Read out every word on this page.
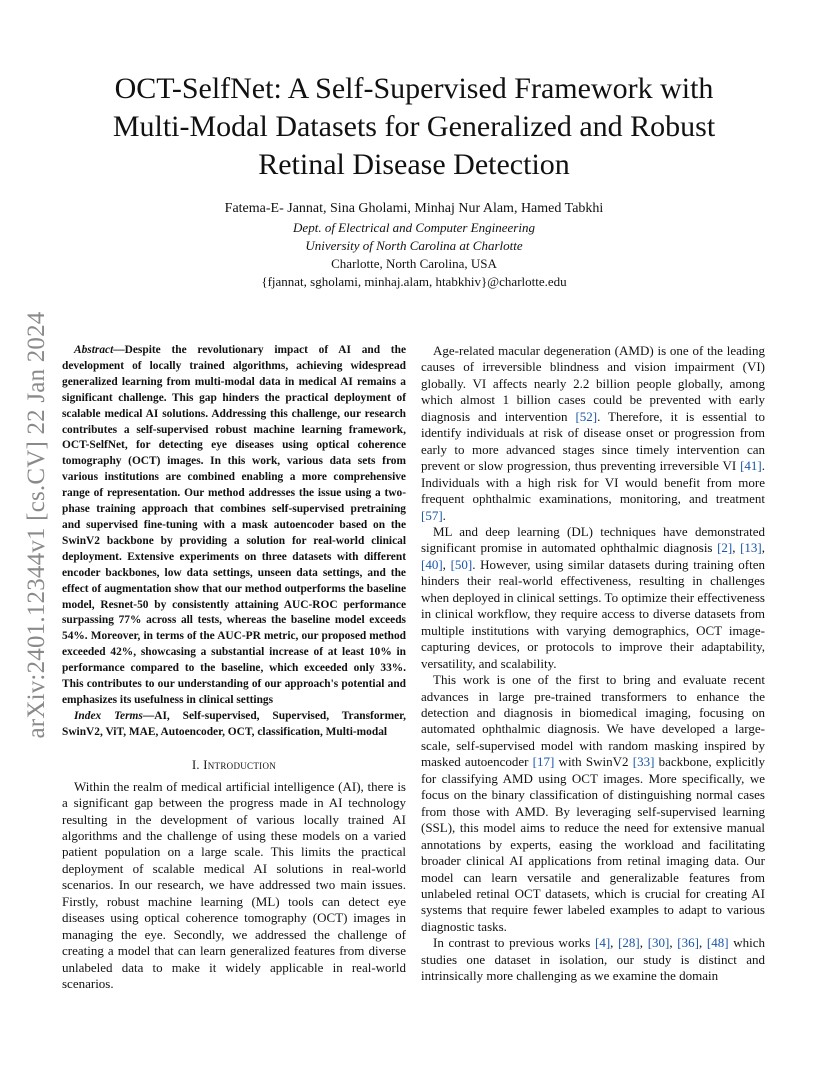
arXiv:2401.12344v1 [cs.CV] 22 Jan 2024
OCT-SelfNet: A Self-Supervised Framework with
Multi-Modal Datasets for Generalized and Robust
Retinal Disease Detection
Fatema-E- Jannat, Sina Gholami, Minhaj Nur Alam, Hamed Tabkhi
Dept. of Electrical and Computer Engineering
University of North Carolina at Charlotte
Charlotte, North Carolina, USA
{fjannat, sgholami, minhaj.alam, htabkhiv}@charlotte.edu

Abstract—Despite the revolutionary impact of AI and the development of locally trained algorithms, achieving widespread generalized learning from multi-modal data in medical AI remains a significant challenge. This gap hinders the practical deployment of scalable medical AI solutions. Addressing this challenge, our research contributes a self-supervised robust machine learning framework, OCT-SelfNet, for detecting eye diseases using optical coherence tomography (OCT) images. In this work, various data sets from various institutions are combined enabling a more comprehensive range of representation. Our method addresses the issue using a two-phase training approach that combines self-supervised pretraining and supervised fine-tuning with a mask autoencoder based on the SwinV2 backbone by providing a solution for real-world clinical deployment. Extensive experiments on three datasets with different encoder backbones, low data settings, unseen data settings, and the effect of augmentation show that our method outperforms the baseline model, Resnet-50 by consistently attaining AUC-ROC performance surpassing 77% across all tests, whereas the baseline model exceeds 54%. Moreover, in terms of the AUC-PR metric, our proposed method exceeded 42%, showcasing a substantial increase of at least 10% in performance compared to the baseline, which exceeded only 33%. This contributes to our understanding of our approach's potential and emphasizes its usefulness in clinical settings

Index Terms—AI, Self-supervised, Supervised, Transformer, SwinV2, ViT, MAE, Autoencoder, OCT, classification, Multi-modal

I. Introduction

Within the realm of medical artificial intelligence (AI), there is a significant gap between the progress made in AI technology resulting in the development of various locally trained AI algorithms and the challenge of using these models on a varied patient population on a large scale. This limits the practical deployment of scalable medical AI solutions in real-world scenarios. In our research, we have addressed two main issues. Firstly, robust machine learning (ML) tools can detect eye diseases using optical coherence tomography (OCT) images in managing the eye. Secondly, we addressed the challenge of creating a model that can learn generalized features from diverse unlabeled data to make it widely applicable in real-world scenarios.

Age-related macular degeneration (AMD) is one of the leading causes of irreversible blindness and vision impairment (VI) globally. VI affects nearly 2.2 billion people globally, among which almost 1 billion cases could be prevented with early diagnosis and intervention [52]. Therefore, it is essential to identify individuals at risk of disease onset or progression from early to more advanced stages since timely intervention can prevent or slow progression, thus preventing irreversible VI [41]. Individuals with a high risk for VI would benefit from more frequent ophthalmic examinations, monitoring, and treatment [57].

ML and deep learning (DL) techniques have demonstrated significant promise in automated ophthalmic diagnosis [2], [13], [40], [50]. However, using similar datasets during training often hinders their real-world effectiveness, resulting in challenges when deployed in clinical settings. To optimize their effectiveness in clinical workflow, they require access to diverse datasets from multiple institutions with varying demographics, OCT image-capturing devices, or protocols to improve their adaptability, versatility, and scalability.

This work is one of the first to bring and evaluate recent advances in large pre-trained transformers to enhance the detection and diagnosis in biomedical imaging, focusing on automated ophthalmic diagnosis. We have developed a large-scale, self-supervised model with random masking inspired by masked autoencoder [17] with SwinV2 [33] backbone, explicitly for classifying AMD using OCT images. More specifically, we focus on the binary classification of distinguishing normal cases from those with AMD. By leveraging self-supervised learning (SSL), this model aims to reduce the need for extensive manual annotations by experts, easing the workload and facilitating broader clinical AI applications from retinal imaging data. Our model can learn versatile and generalizable features from unlabeled retinal OCT datasets, which is crucial for creating AI systems that require fewer labeled examples to adapt to various diagnostic tasks.

In contrast to previous works [4], [28], [30], [36], [48] which studies one dataset in isolation, our study is distinct and intrinsically more challenging as we examine the domain
